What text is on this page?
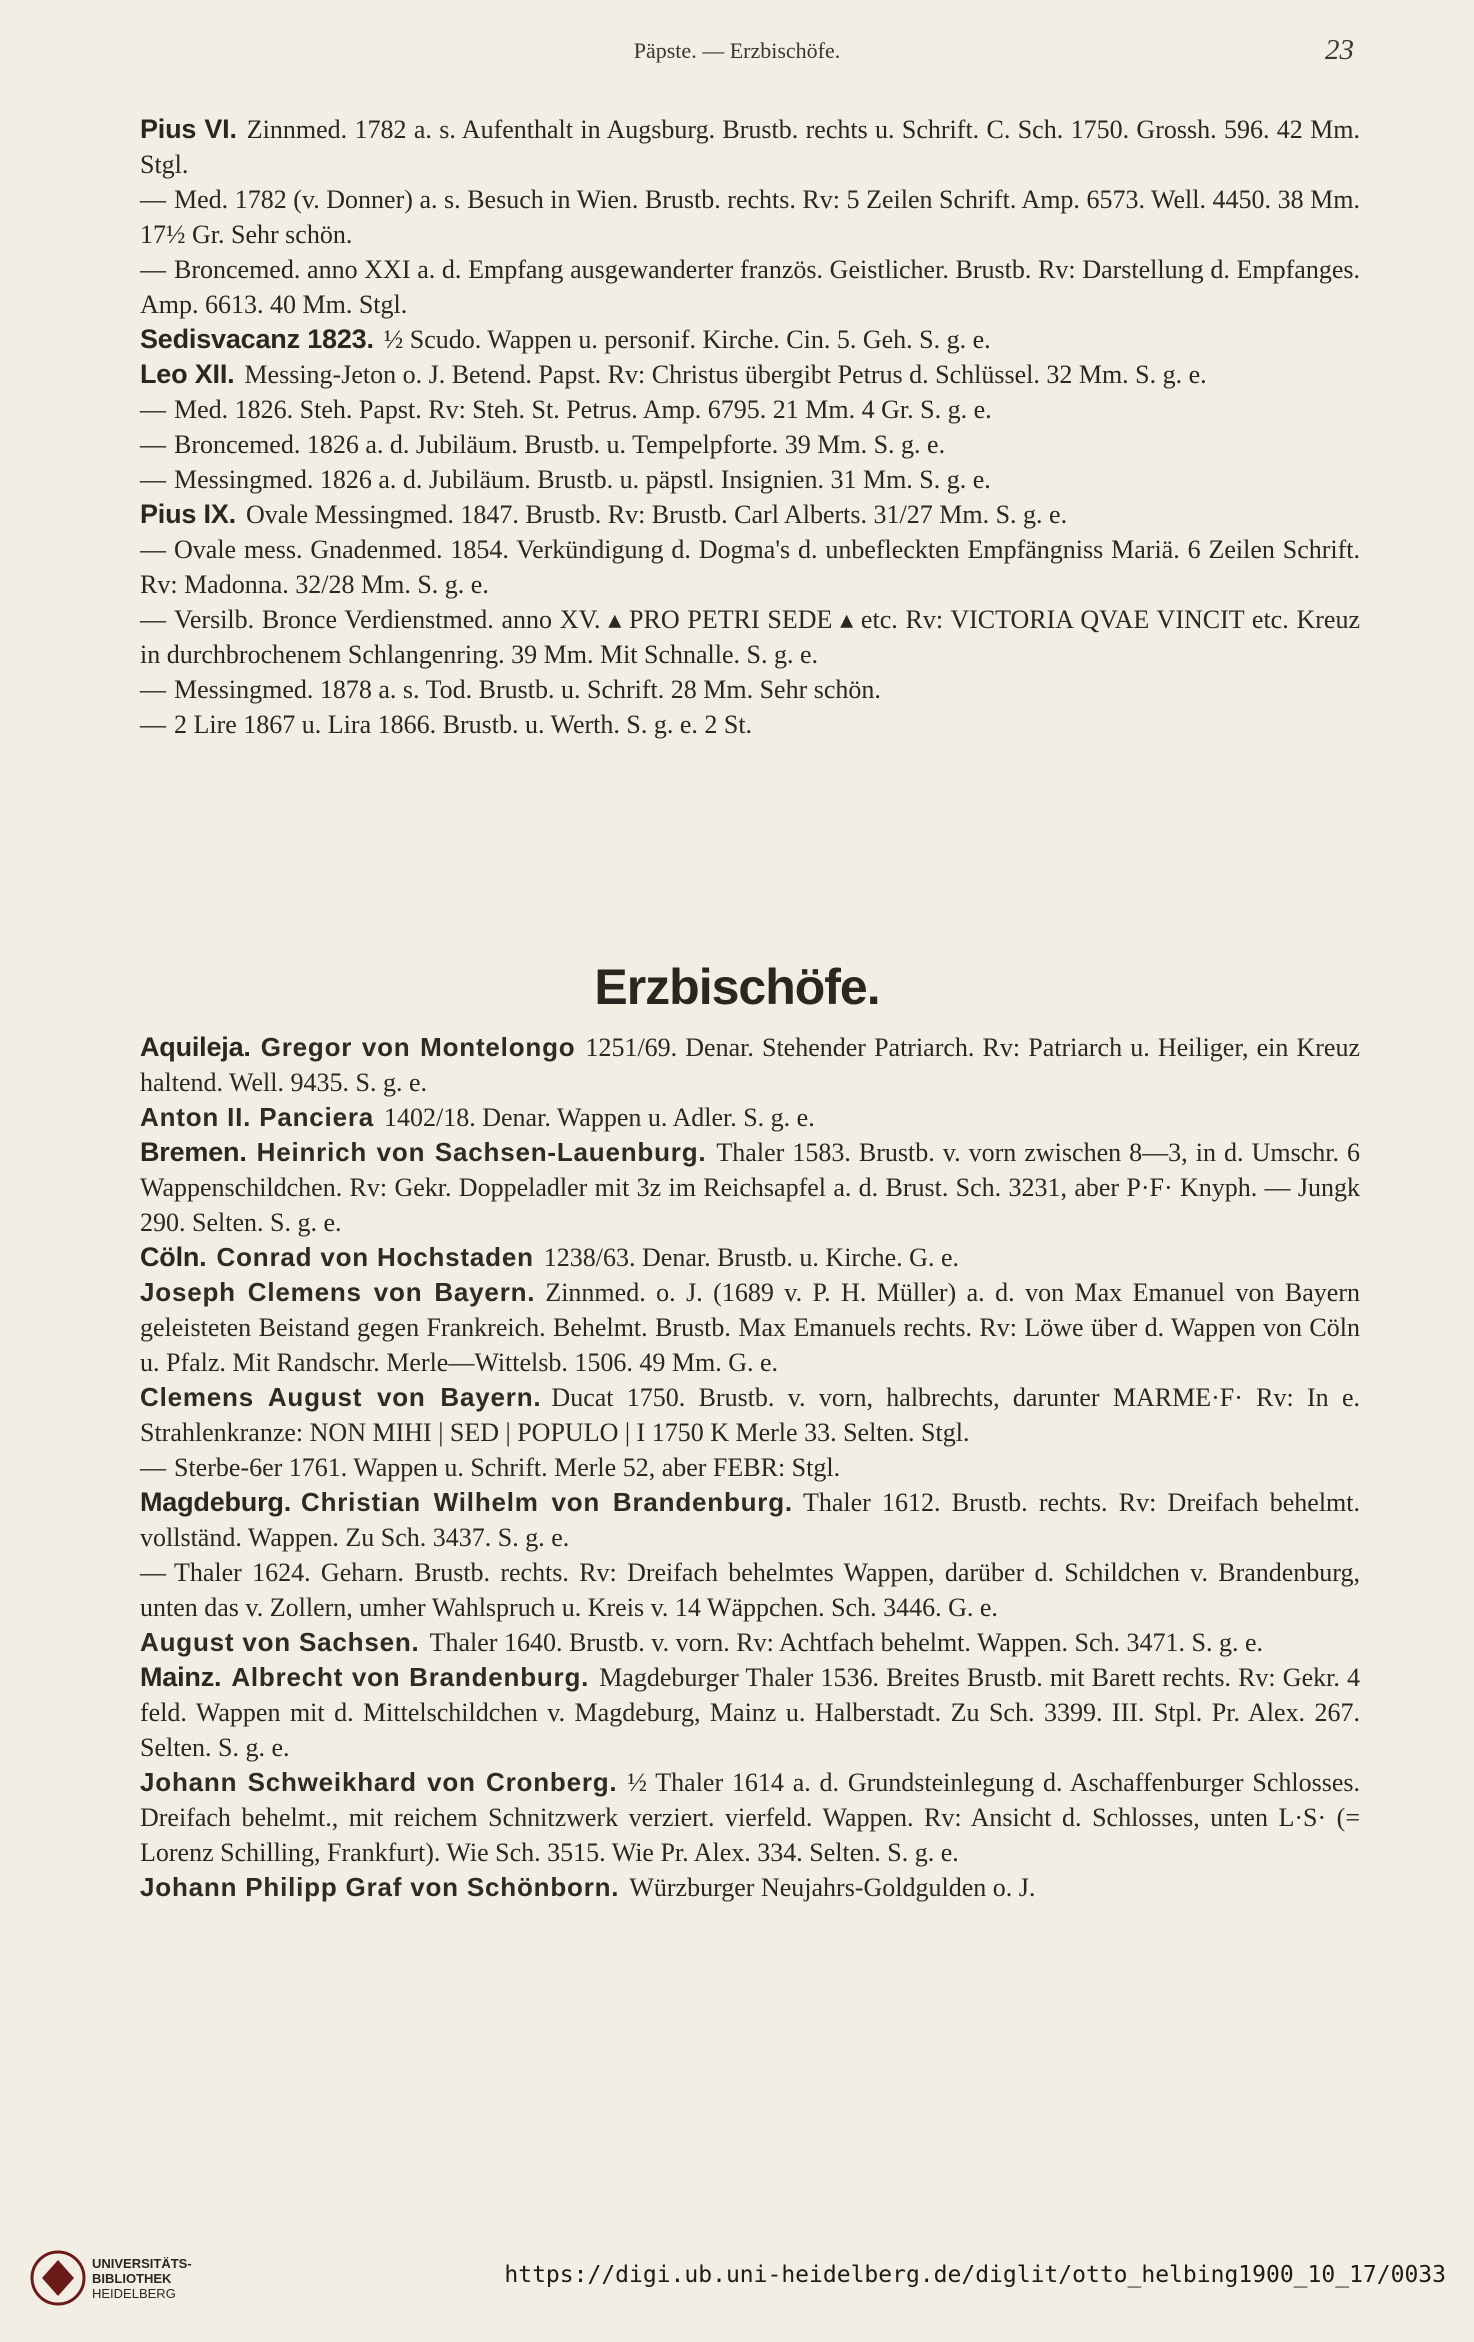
Päpste. — Erzbischöfe.	23
Pius VI. Zinnmed. 1782 a. s. Aufenthalt in Augsburg. Brustb. rechts u. Schrift. C. Sch. 1750. Grossh. 596. 42 Mm. Stgl.
— Med. 1782 (v. Donner) a. s. Besuch in Wien. Brustb. rechts. Rv: 5 Zeilen Schrift. Amp. 6573. Well. 4450. 38 Mm. 17½ Gr. Sehr schön.
— Broncemed. anno XXI a. d. Empfang ausgewanderter französ. Geistlicher. Brustb. Rv: Darstellung d. Empfanges. Amp. 6613. 40 Mm. Stgl.
Sedisvacanz 1823. ½ Scudo. Wappen u. personif. Kirche. Cin. 5. Geh. S. g. e.
Leo XII. Messing-Jeton o. J. Betend. Papst. Rv: Christus übergibt Petrus d. Schlüssel. 32 Mm. S. g. e.
— Med. 1826. Steh. Papst. Rv: Steh. St. Petrus. Amp. 6795. 21 Mm. 4 Gr. S. g. e.
— Broncemed. 1826 a. d. Jubiläum. Brustb. u. Tempelpforte. 39 Mm. S. g. e.
— Messingmed. 1826 a. d. Jubiläum. Brustb. u. päpstl. Insignien. 31 Mm. S. g. e.
Pius IX. Ovale Messingmed. 1847. Brustb. Rv: Brustb. Carl Alberts. 31/27 Mm. S. g. e.
— Ovale mess. Gnadenmed. 1854. Verkündigung d. Dogma's d. unbefleckten Empfängniss Mariä. 6 Zeilen Schrift. Rv: Madonna. 32/28 Mm. S. g. e.
— Versilb. Bronce Verdienstmed. anno XV. ▴ PRO PETRI SEDE ▴ etc. Rv: VICTORIA QVAE VINCIT etc. Kreuz in durchbrochenem Schlangenring. 39 Mm. Mit Schnalle. S. g. e.
— Messingmed. 1878 a. s. Tod. Brustb. u. Schrift. 28 Mm. Sehr schön.
— 2 Lire 1867 u. Lira 1866. Brustb. u. Werth. S. g. e. 2 St.
Erzbischöfe.
Aquileja. Gregor von Montelongo 1251/69. Denar. Stehender Patriarch. Rv: Patriarch u. Heiliger, ein Kreuz haltend. Well. 9435. S. g. e.
Anton II. Panciera 1402/18. Denar. Wappen u. Adler. S. g. e.
Bremen. Heinrich von Sachsen-Lauenburg. Thaler 1583. Brustb. v. vorn zwischen 8—3, in d. Umschr. 6 Wappenschildchen. Rv: Gekr. Doppeladler mit 3z im Reichsapfel a. d. Brust. Sch. 3231, aber P·F· Knyph. — Jungk 290. Selten. S. g. e.
Cöln. Conrad von Hochstaden 1238/63. Denar. Brustb. u. Kirche. G. e.
Joseph Clemens von Bayern. Zinnmed. o. J. (1689 v. P. H. Müller) a. d. von Max Emanuel von Bayern geleisteten Beistand gegen Frankreich. Behelmt. Brustb. Max Emanuels rechts. Rv: Löwe über d. Wappen von Cöln u. Pfalz. Mit Randschr. Merle—Wittelsb. 1506. 49 Mm. G. e.
Clemens August von Bayern. Ducat 1750. Brustb. v. vorn, halbrechts, darunter MARME·F· Rv: In e. Strahlenkranze: NON MIHI | SED | POPULO | I 1750 K Merle 33. Selten. Stgl.
— Sterbe-6er 1761. Wappen u. Schrift. Merle 52, aber FEBR: Stgl.
Magdeburg. Christian Wilhelm von Brandenburg. Thaler 1612. Brustb. rechts. Rv: Dreifach behelmt. vollständ. Wappen. Zu Sch. 3437. S. g. e.
— Thaler 1624. Geharn. Brustb. rechts. Rv: Dreifach behelmtes Wappen, darüber d. Schildchen v. Brandenburg, unten das v. Zollern, umher Wahlspruch u. Kreis v. 14 Wäppchen. Sch. 3446. G. e.
August von Sachsen. Thaler 1640. Brustb. v. vorn. Rv: Achtfach behelmt. Wappen. Sch. 3471. S. g. e.
Mainz. Albrecht von Brandenburg. Magdeburger Thaler 1536. Breites Brustb. mit Barett rechts. Rv: Gekr. 4 feld. Wappen mit d. Mittelschildchen v. Magdeburg, Mainz u. Halberstadt. Zu Sch. 3399. III. Stpl. Pr. Alex. 267. Selten. S. g. e.
Johann Schweikhard von Cronberg. ½ Thaler 1614 a. d. Grundsteinlegung d. Aschaffenburger Schlosses. Dreifach behelmt., mit reichem Schnitzwerk verziert. vierfeld. Wappen. Rv: Ansicht d. Schlosses, unten L·S· (= Lorenz Schilling, Frankfurt). Wie Sch. 3515. Wie Pr. Alex. 334. Selten. S. g. e.
Johann Philipp Graf von Schönborn. Würzburger Neujahrs-Goldgulden o. J.
UNIVERSITÄTS-
BIBLIOTHEK
HEIDELBERG
https://digi.ub.uni-heidelberg.de/diglit/otto_helbing1900_10_17/0033
